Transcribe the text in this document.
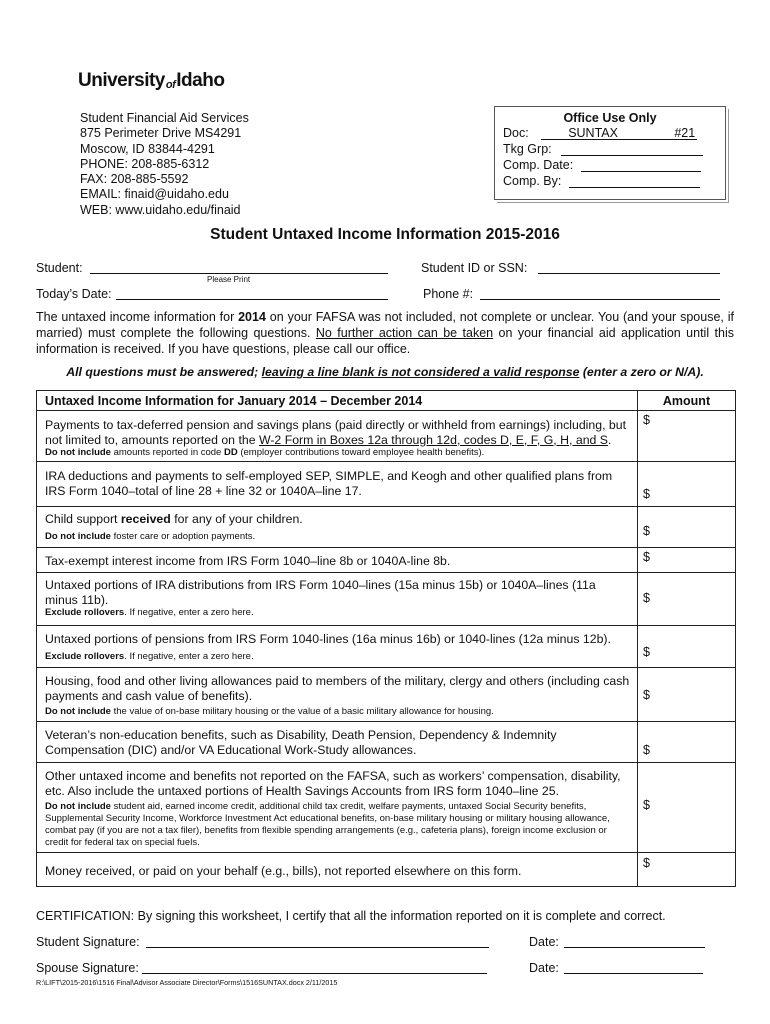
UniversityofIdaho
Student Financial Aid Services
875 Perimeter Drive MS4291
Moscow, ID 83844-4291
PHONE: 208-885-6312
FAX: 208-885-5592
EMAIL: finaid@uidaho.edu
WEB: www.uidaho.edu/finaid
Office Use Only
Doc:	SUNTAX	#21
Tkg Grp:
Comp. Date:
Comp. By:
Student Untaxed Income Information 2015-2016
Student:
Please Print
Student ID or SSN:
Today’s Date:	Phone #:
The untaxed income information for 2014 on your FAFSA was not included, not complete or unclear. You (and your spouse, if married) must complete the following questions. No further action can be taken on your financial aid application until this information is received. If you have questions, please call our office.
All questions must be answered; leaving a line blank is not considered a valid response (enter a zero or N/A).
Untaxed Income Information for January 2014 – December 2014	Amount
Payments to tax-deferred pension and savings plans (paid directly or withheld from earnings) including, but not limited to, amounts reported on the W-2 Form in Boxes 12a through 12d, codes D, E, F, G, H, and S.
Do not include amounts reported in code DD (employer contributions toward employee health benefits).
$
IRA deductions and payments to self-employed SEP, SIMPLE, and Keogh and other qualified plans from IRS Form 1040–total of line 28 + line 32 or 1040A–line 17.	$
Child support received for any of your children.
Do not include foster care or adoption payments.	$
Tax-exempt interest income from IRS Form 1040–line 8b or 1040A-line 8b.	$
Untaxed portions of IRA distributions from IRS Form 1040–lines (15a minus 15b) or 1040A–lines (11a minus 11b).
Exclude rollovers. If negative, enter a zero here.
$
Untaxed portions of pensions from IRS Form 1040-lines (16a minus 16b) or 1040-lines (12a minus 12b).
Exclude rollovers. If negative, enter a zero here.	$
Housing, food and other living allowances paid to members of the military, clergy and others (including cash payments and cash value of benefits).
Do not include the value of on-base military housing or the value of a basic military allowance for housing.
$
Veteran’s non-education benefits, such as Disability, Death Pension, Dependency & Indemnity Compensation (DIC) and/or VA Educational Work-Study allowances.	$
Other untaxed income and benefits not reported on the FAFSA, such as workers’ compensation, disability, etc. Also include the untaxed portions of Health Savings Accounts from IRS form 1040–line 25.
Do not include student aid, earned income credit, additional child tax credit, welfare payments, untaxed Social Security benefits, Supplemental Security Income, Workforce Investment Act educational benefits, on-base military housing or military housing allowance, combat pay (if you are not a tax filer), benefits from flexible spending arrangements (e.g., cafeteria plans), foreign income exclusion or credit for federal tax on special fuels.
$
Money received, or paid on your behalf (e.g., bills), not reported elsewhere on this form.
$
CERTIFICATION: By signing this worksheet, I certify that all the information reported on it is complete and correct.
Student Signature:	Date:
Spouse Signature:	Date:
R:\LIFT\2015-2016\1516 Final\Advisor Associate Director\Forms\1516SUNTAX.docx 2/11/2015
